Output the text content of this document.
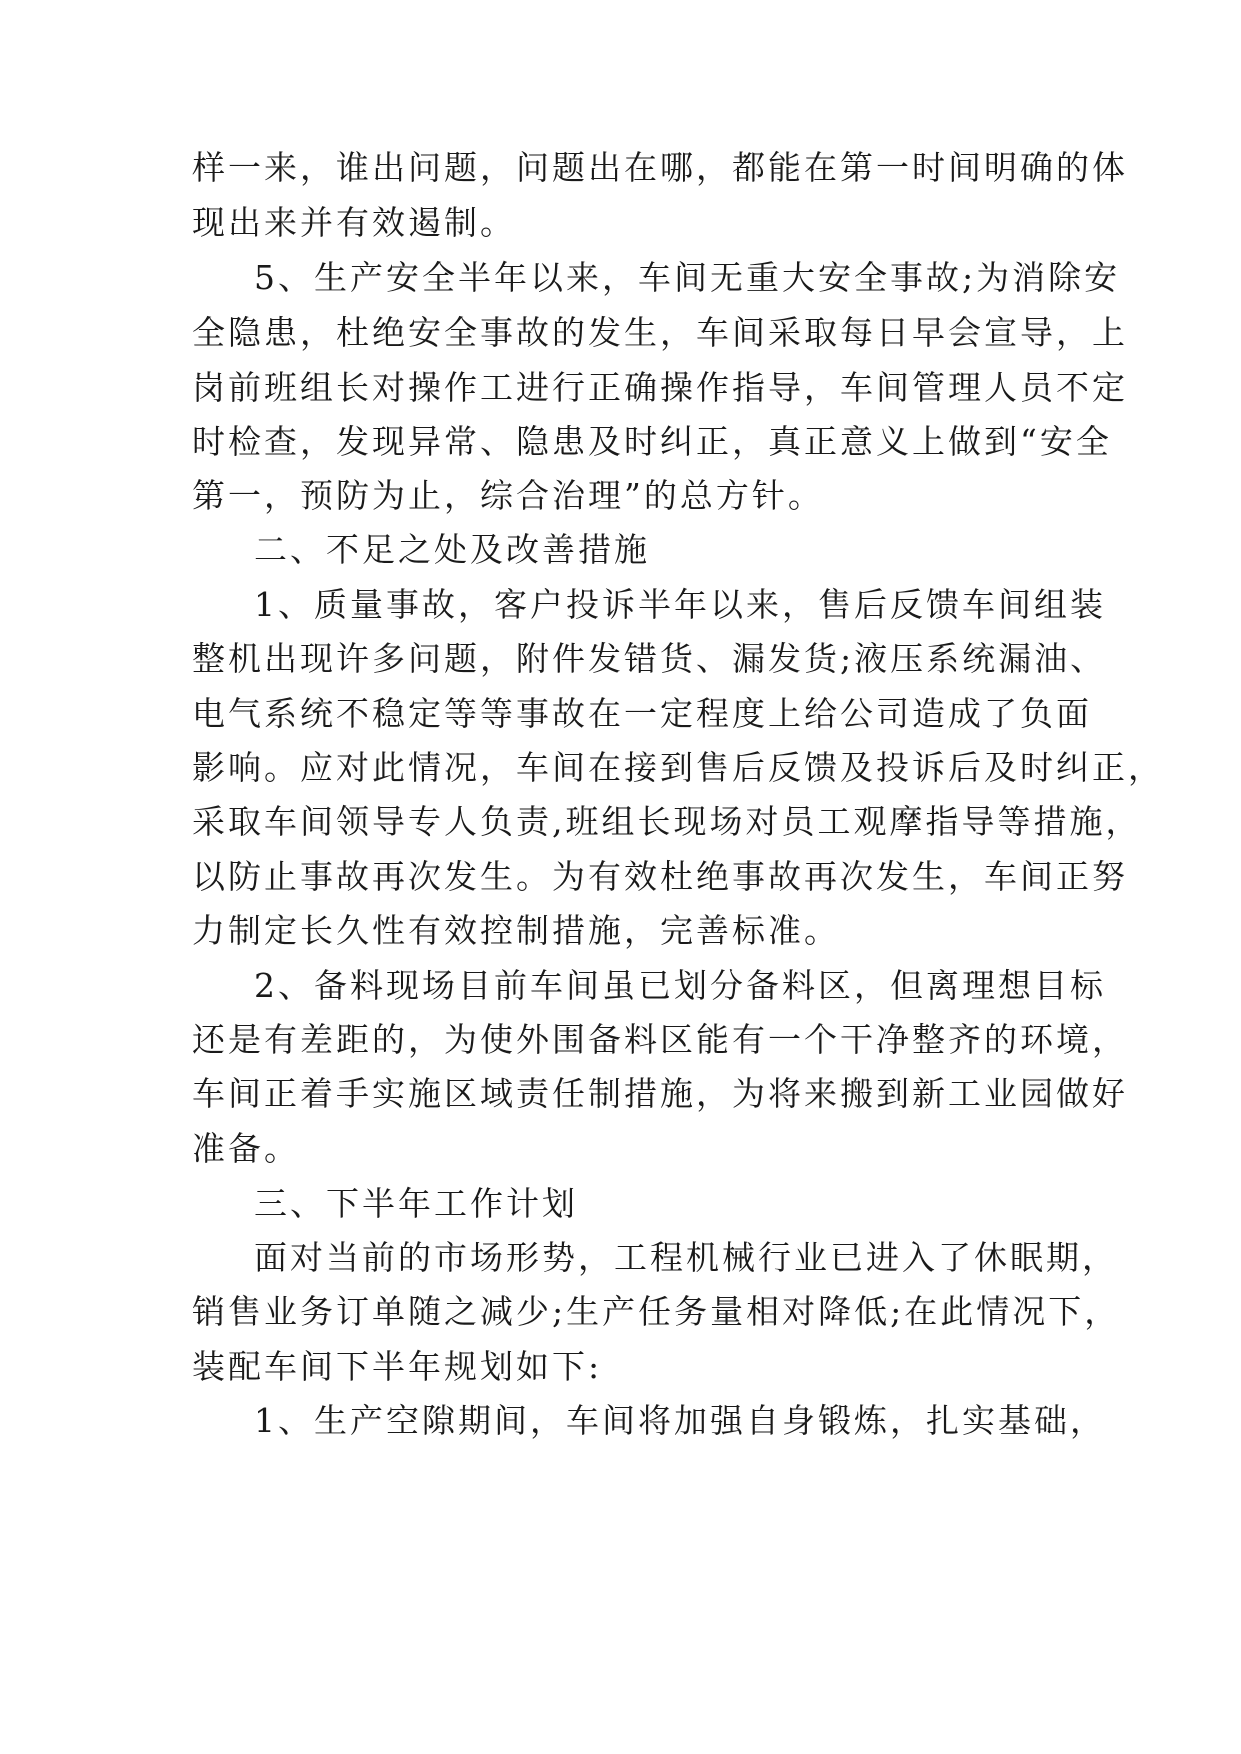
样一来，谁出问题，问题出在哪，都能在第一时间明确的体
现出来并有效遏制。
5、生产安全半年以来，车间无重大安全事故;为消除安
全隐患，杜绝安全事故的发生，车间采取每日早会宣导，上
岗前班组长对操作工进行正确操作指导，车间管理人员不定
时检查，发现异常、隐患及时纠正，真正意义上做到“安全
第一，预防为止，综合治理”的总方针。
二、不足之处及改善措施
1、质量事故，客户投诉半年以来，售后反馈车间组装
整机出现许多问题，附件发错货、漏发货;液压系统漏油、
电气系统不稳定等等事故在一定程度上给公司造成了负面
影响。应对此情况，车间在接到售后反馈及投诉后及时纠正，
采取车间领导专人负责,班组长现场对员工观摩指导等措施，
以防止事故再次发生。为有效杜绝事故再次发生，车间正努
力制定长久性有效控制措施，完善标准。
2、备料现场目前车间虽已划分备料区，但离理想目标
还是有差距的，为使外围备料区能有一个干净整齐的环境，
车间正着手实施区域责任制措施，为将来搬到新工业园做好
准备。
三、下半年工作计划
面对当前的市场形势，工程机械行业已进入了休眠期，
销售业务订单随之减少;生产任务量相对降低;在此情况下，
装配车间下半年规划如下:
1、生产空隙期间，车间将加强自身锻炼，扎实基础，
